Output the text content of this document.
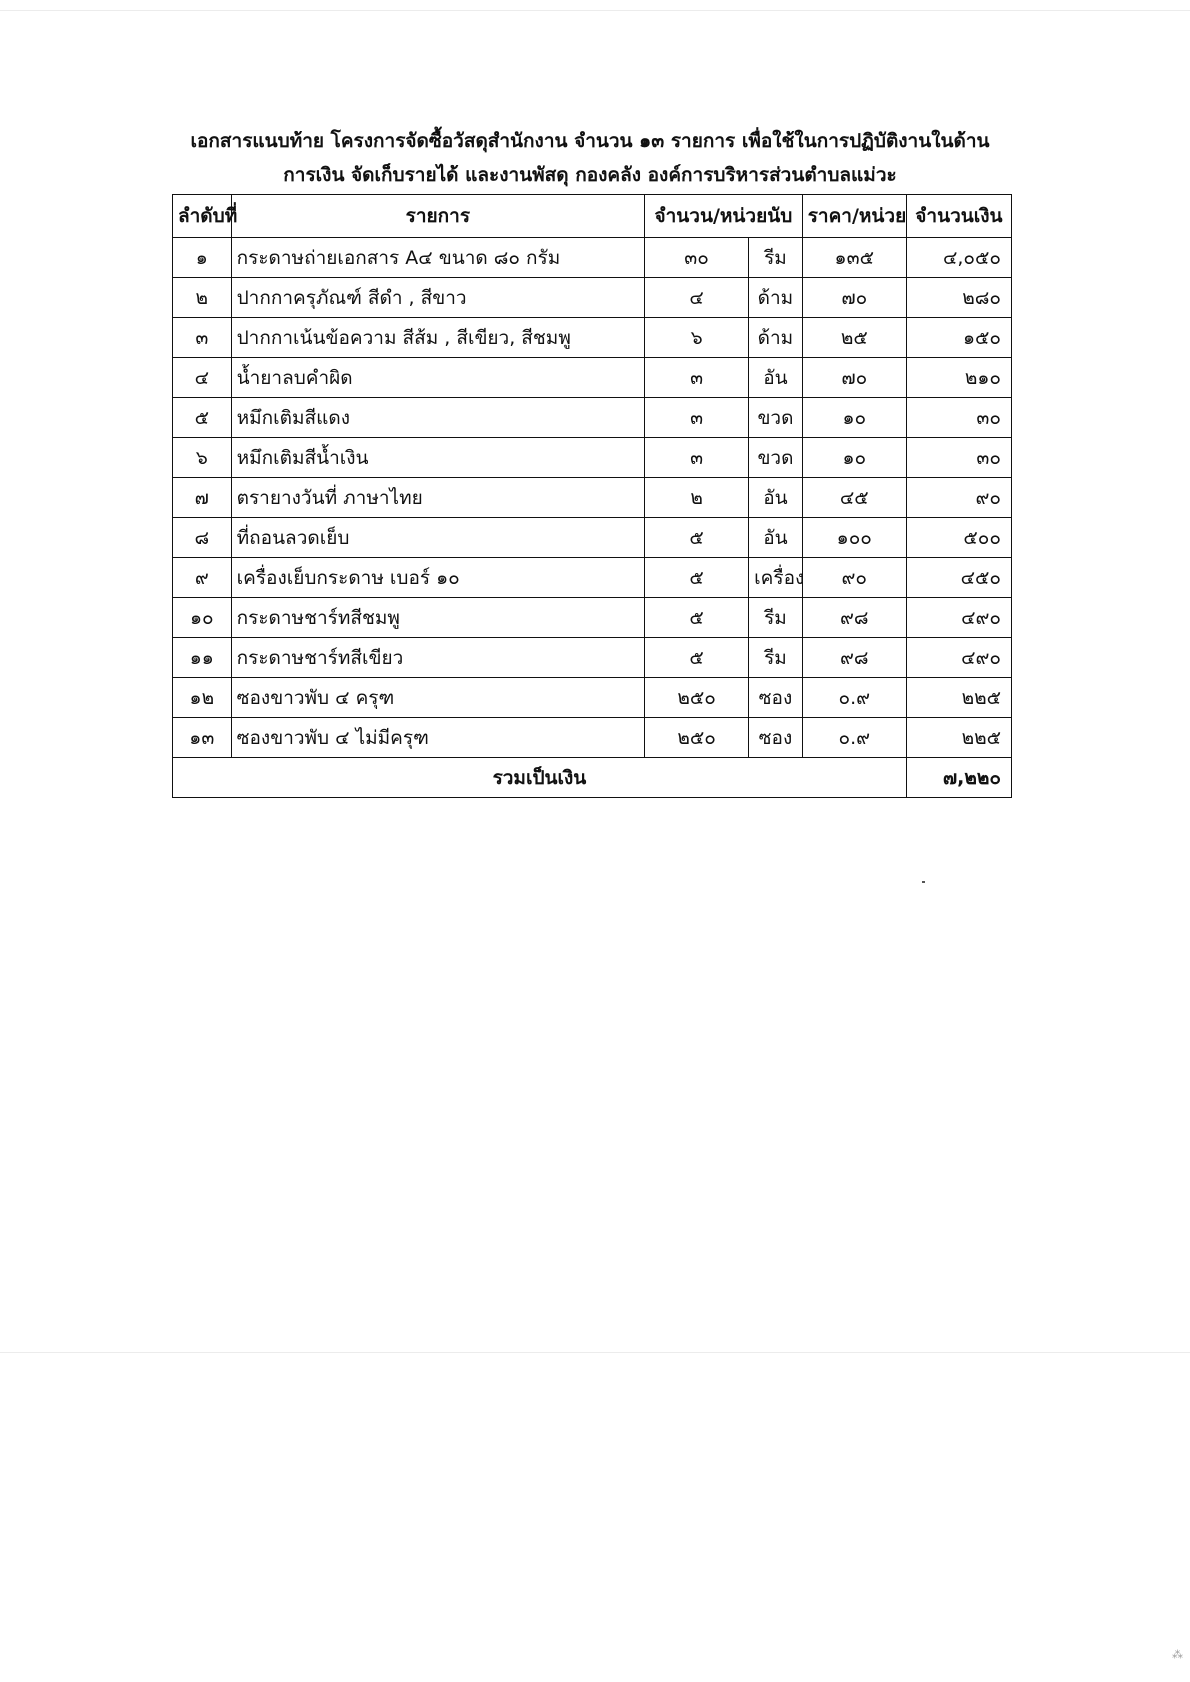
เอกสารแนบท้าย โครงการจัดซื้อวัสดุสำนักงาน จำนวน ๑๓ รายการ เพื่อใช้ในการปฏิบัติงานในด้าน
การเงิน จัดเก็บรายได้ และงานพัสดุ กองคลัง องค์การบริหารส่วนตำบลแม่วะ
ลำดับที่	รายการ	จำนวน/หน่วยนับ		ราคา/หน่วย	จำนวนเงิน
๑	กระดาษถ่ายเอกสาร A๔ ขนาด ๘๐ กรัม	๓๐	รีม	๑๓๕	๔,๐๕๐
๒	ปากกาครุภัณฑ์ สีดำ , สีขาว	๔	ด้าม	๗๐	๒๘๐
๓	ปากกาเน้นข้อความ สีส้ม , สีเขียว, สีชมพู	๖	ด้าม	๒๕	๑๕๐
๔	น้ำยาลบคำผิด	๓	อัน	๗๐	๒๑๐
๕	หมึกเติมสีแดง	๓	ขวด	๑๐	๓๐
๖	หมึกเติมสีน้ำเงิน	๓	ขวด	๑๐	๓๐
๗	ตรายางวันที่ ภาษาไทย	๒	อัน	๔๕	๙๐
๘	ที่ถอนลวดเย็บ	๕	อัน	๑๐๐	๕๐๐
๙	เครื่องเย็บกระดาษ เบอร์ ๑๐	๕	เครื่อง	๙๐	๔๕๐
๑๐	กระดาษชาร์ทสีชมพู	๕	รีม	๙๘	๔๙๐
๑๑	กระดาษชาร์ทสีเขียว	๕	รีม	๙๘	๔๙๐
๑๒	ซองขาวพับ ๔ ครุฑ	๒๕๐	ซอง	๐.๙	๒๒๕
๑๓	ซองขาวพับ ๔ ไม่มีครุฑ	๒๕๐	ซอง	๐.๙	๒๒๕
รวมเป็นเงิน					๗,๒๒๐
⁂
